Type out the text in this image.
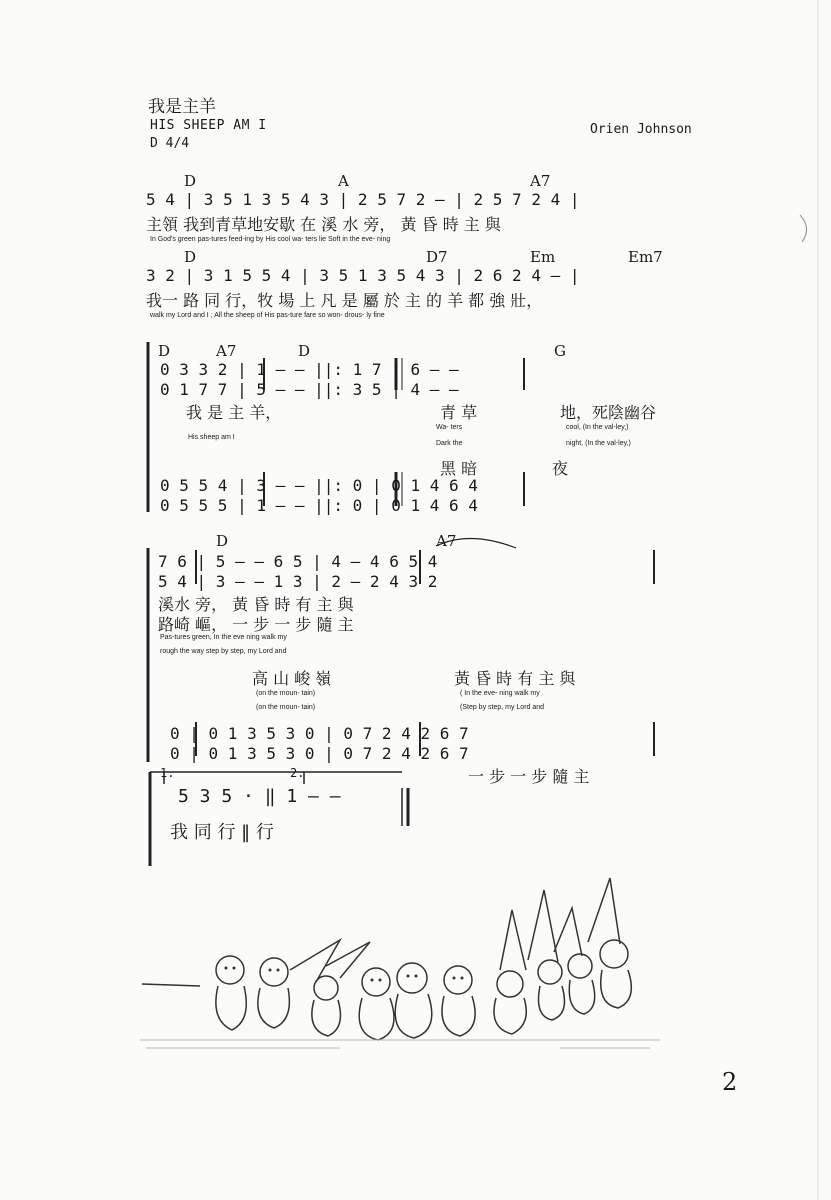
我是主羊
HIS SHEEP AM I
D 4/4
Orien Johnson
D	A	A7
5 4 | 3 5 1 3 5 4 3 | 2 5 7 2 — | 2 5 7 2 4 |
主領 我到青草地安歇 在 溪 水 旁， 黃 昏 時 主 與
In God's green pas-tures feed-ing by His cool wa- ters lie Soft in the eve- ning
D	D7	Em	Em7
3 2 | 3 1 5 5 4 | 3 5 1 3 5 4 3 | 2 6 2 4 — |
我一 路 同 行，牧 場 上 凡 是 屬 於 主 的 羊 都 強 壯，
walk my Lord and I ; All the sheep of His pas-ture fare so won- drous- ly fine
D	A7	D	G
0 3 3 2 | 1 — — ||: 1 7 | 6 — —
0 1 7 7 | 5 — — ||: 3 5 | 4 — —
我 是 主 羊，	青 草	地，死陰幽谷
His sheep am I
Wa- ters	cool, (In the val-ley,)
Dark the	night, (In the val-ley,)
黑 暗	夜
0 5 5 4 | 3 — — ||: 0 | 0 1 4 6 4
0 5 5 5 | 1 — — ||: 0 | 0 1 4 6 4
D	A7
7 6 | 5 — — 6 5 | 4 — 4 6 5 4
5 4 | 3 — — 1 3 | 2 — 2 4 3 2
溪水 旁， 黃 昏 時 有 主 與
路崎 嶇， 一 步 一 步 隨 主
Pas-tures green, In the eve ning walk my
rough the way step by step, my Lord and
高 山 峻 嶺
(on the moun- tain)
(on the moun- tain)
黃 昏 時 有 主 與
( In the eve- ning walk my
(Step by step, my Lord and
0 | 0 1 3 5 3 0 | 0 7 2 4 2 6 7
0 | 0 1 3 5 3 0 | 0 7 2 4 2 6 7
一 步 一 步 隨 主
1.	2.
5 3 5 · ‖ 1 — —
我 同 行 ‖ 行
2
